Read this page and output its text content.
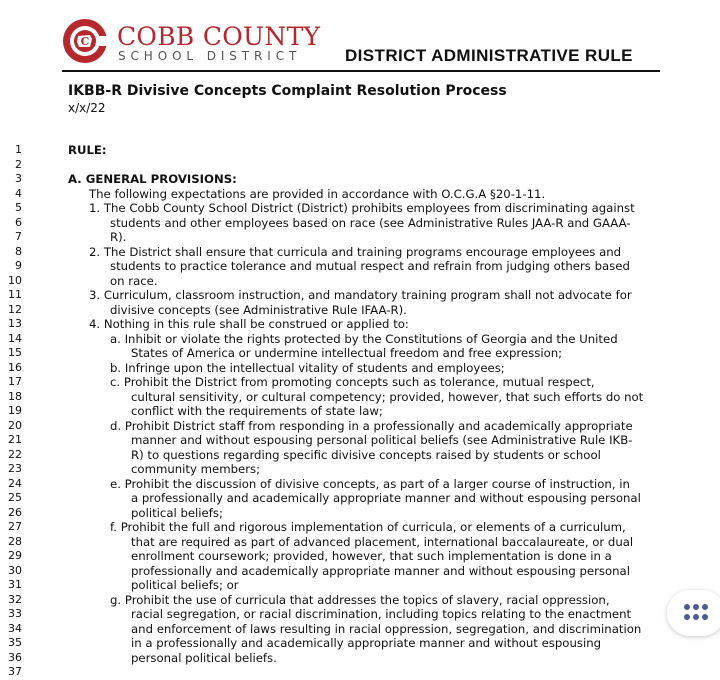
C COBB COUNTY
SCHOOL DISTRICT	DISTRICT ADMINISTRATIVE RULE
IKBB-R Divisive Concepts Complaint Resolution Process
x/x/22
1	RULE:
2
3	A. GENERAL PROVISIONS:
4	The following expectations are provided in accordance with O.C.G.A §20-1-11.
5	1. The Cobb County School District (District) prohibits employees from discriminating against
6	students and other employees based on race (see Administrative Rules JAA-R and GAAA-
7	R).
8	2. The District shall ensure that curricula and training programs encourage employees and
9	students to practice tolerance and mutual respect and refrain from judging others based
10	on race.
11	3. Curriculum, classroom instruction, and mandatory training program shall not advocate for
12	divisive concepts (see Administrative Rule IFAA-R).
13	4. Nothing in this rule shall be construed or applied to:
14	a. Inhibit or violate the rights protected by the Constitutions of Georgia and the United
15	States of America or undermine intellectual freedom and free expression;
16	b. Infringe upon the intellectual vitality of students and employees;
17	c. Prohibit the District from promoting concepts such as tolerance, mutual respect,
18	cultural sensitivity, or cultural competency; provided, however, that such efforts do not
19	conflict with the requirements of state law;
20	d. Prohibit District staff from responding in a professionally and academically appropriate
21	manner and without espousing personal political beliefs (see Administrative Rule IKB-
22	R) to questions regarding specific divisive concepts raised by students or school
23	community members;
24	e. Prohibit the discussion of divisive concepts, as part of a larger course of instruction, in
25	a professionally and academically appropriate manner and without espousing personal
26	political beliefs;
27	f. Prohibit the full and rigorous implementation of curricula, or elements of a curriculum,
28	that are required as part of advanced placement, international baccalaureate, or dual
29	enrollment coursework; provided, however, that such implementation is done in a
30	professionally and academically appropriate manner and without espousing personal
31	political beliefs; or
32	g. Prohibit the use of curricula that addresses the topics of slavery, racial oppression,
33	racial segregation, or racial discrimination, including topics relating to the enactment
34	and enforcement of laws resulting in racial oppression, segregation, and discrimination
35	in a professionally and academically appropriate manner and without espousing
36	personal political beliefs.
37
